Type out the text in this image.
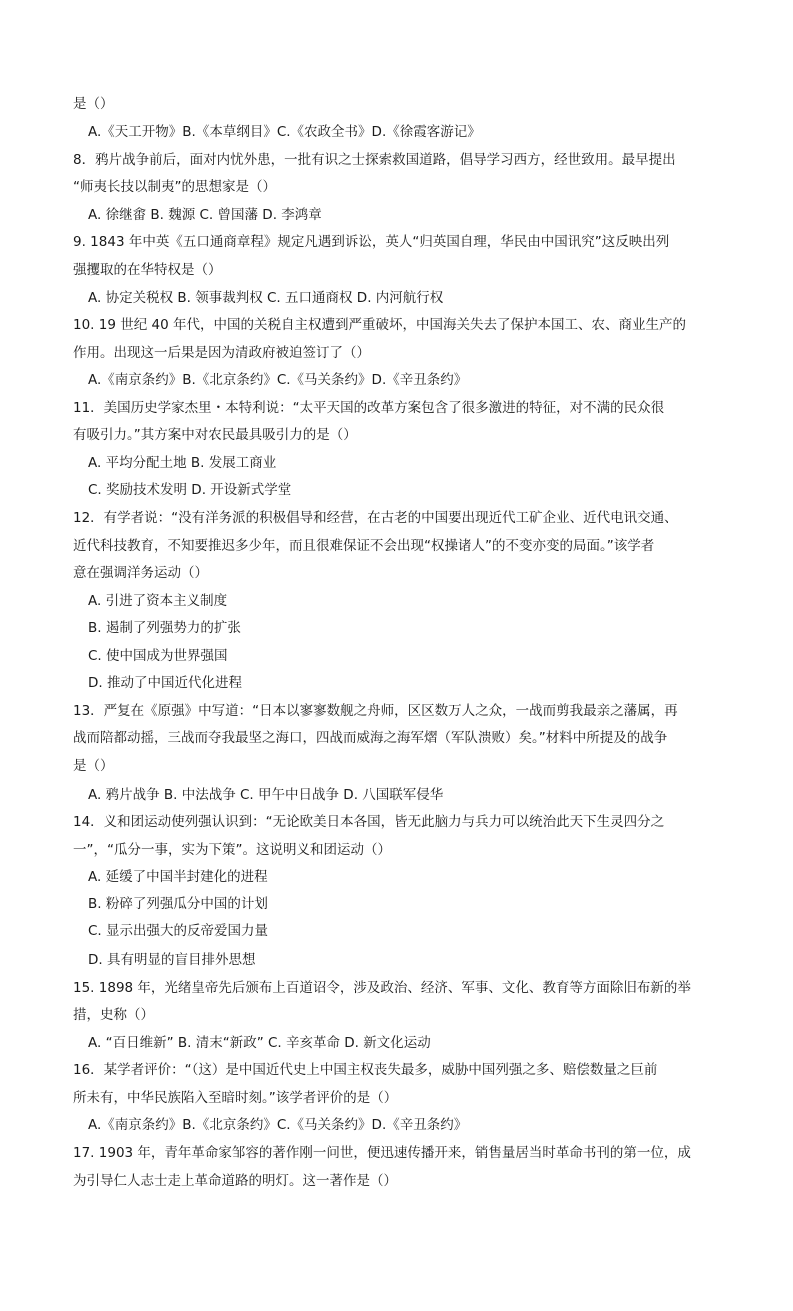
是（）
A.《天工开物》B.《本草纲目》C.《农政全书》D.《徐霞客游记》
8．鸦片战争前后，面对内忧外患，一批有识之士探索救国道路，倡导学习西方，经世致用。最早提出
“师夷长技以制夷”的思想家是（）
A. 徐继畬 B. 魏源 C. 曾国藩 D. 李鸿章
9. 1843 年中英《五口通商章程》规定凡遇到诉讼，英人“归英国自理，华民由中国讯究”这反映出列
强攫取的在华特权是（）
A. 协定关税权 B. 领事裁判权 C. 五口通商权 D. 内河航行权
10. 19 世纪 40 年代，中国的关税自主权遭到严重破坏，中国海关失去了保护本国工、农、商业生产的
作用。出现这一后果是因为清政府被迫签订了（）
A.《南京条约》B.《北京条约》C.《马关条约》D.《辛丑条约》
11．美国历史学家杰里・本特利说：“太平天国的改革方案包含了很多激进的特征，对不满的民众很
有吸引力。”其方案中对农民最具吸引力的是（）
A. 平均分配土地 B. 发展工商业
C. 奖励技术发明 D. 开设新式学堂
12．有学者说：“没有洋务派的积极倡导和经营，在古老的中国要出现近代工矿企业、近代电讯交通、
近代科技教育，不知要推迟多少年，而且很难保证不会出现“权操诸人”的不变亦变的局面。”该学者
意在强调洋务运动（）
A. 引进了资本主义制度
B. 遏制了列强势力的扩张
C. 使中国成为世界强国
D. 推动了中国近代化进程
13．严复在《原强》中写道：“日本以寥寥数舰之舟师，区区数万人之众，一战而剪我最亲之藩属，再
战而陪都动摇，三战而夺我最坚之海口，四战而威海之海军熠（军队溃败）矣。”材料中所提及的战争
是（）
A. 鸦片战争 B. 中法战争 C. 甲午中日战争 D. 八国联军侵华
14．义和团运动使列强认识到：“无论欧美日本各国，皆无此脑力与兵力可以统治此天下生灵四分之
一”，“瓜分一事，实为下策”。这说明义和团运动（）
A. 延缓了中国半封建化的进程
B. 粉碎了列强瓜分中国的计划
C. 显示出强大的反帝爱国力量
D. 具有明显的盲目排外思想
15. 1898 年，光绪皇帝先后颁布上百道诏令，涉及政治、经济、军事、文化、教育等方面除旧布新的举
措，史称（）
A. “百日维新” B. 清末“新政” C. 辛亥革命 D. 新文化运动
16．某学者评价：“（这）是中国近代史上中国主权丧失最多，威胁中国列强之多、赔偿数量之巨前
所未有，中华民族陷入至暗时刻。”该学者评价的是（）
A.《南京条约》B.《北京条约》C.《马关条约》D.《辛丑条约》
17. 1903 年，青年革命家邹容的著作刚一问世，便迅速传播开来，销售量居当时革命书刊的第一位，成
为引导仁人志士走上革命道路的明灯。这一著作是（）
